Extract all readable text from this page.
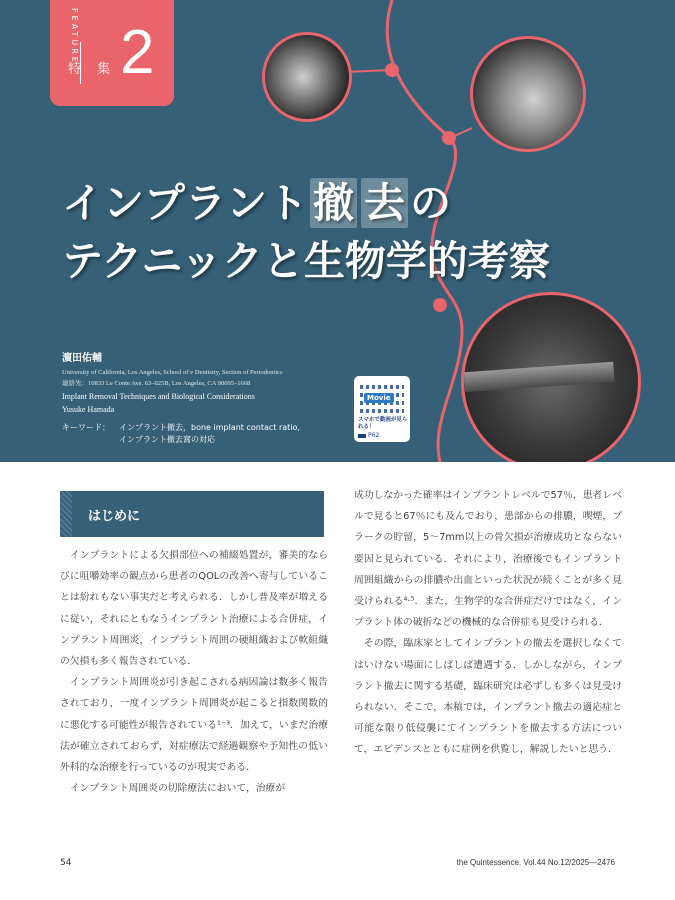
FEATURE
特 集 2
インプラント 撤 去 の
テクニックと生物学的考察
濵田佑輔
University of California, Los Angeles, School of v Dentistry, Section of Periodontics
連絡先：10833 Le Conte Ave. 63–025B, Los Angeles, CA 90095–1668
Implant Removal Techniques and Biological Considerations
Yusuke Hamada
キーワード： インプラント撤去，bone implant contact ratio,
インプラント撤去窩の対応
Movie
スマホで動画が見られる！
P62
はじめに

インプラントによる欠損部位への補綴処置が，審美的ならびに咀嚼効率の観点から患者のQOLの改善へ寄与していることは紛れもない事実だと考えられる．しかし普及率が増えるに従い，それにともなうインプラント治療による合併症，インプラント周囲炎，インプラント周囲の硬組織および軟組織の欠損も多く報告されている．

インプラント周囲炎が引き起こされる病因論は数多く報告されており，一度インプラント周囲炎が起こると指数関数的に悪化する可能性が報告されている¹⁻³．加えて，いまだ治療法が確立されておらず，対症療法で経過観察や予知性の低い外科的な治療を行っているのが現実である．

インプラント周囲炎の切除療法において，治療が

成功しなかった確率はインプラントレベルで57％，患者レベルで見ると67％にも及んでおり，患部からの排膿，喫煙，プラークの貯留，5～7mm以上の骨欠損が治療成功とならない要因と見られている．それにより，治療後でもインプラント周囲組織からの排膿や出血といった状況が続くことが多く見受けられる⁴·⁵．また，生物学的な合併症だけではなく，インプラント体の破折などの機械的な合併症も見受けられる．

その際，臨床家としてインプラントの撤去を選択しなくてはいけない場面にしばしば遭遇する．しかしながら，インプラント撤去に関する基礎，臨床研究は必ずしも多くは見受けられない．そこで，本稿では，インプラント撤去の適応症と可能な限り低侵襲にてインプラントを撤去する方法について，エビデンスとともに症例を供覧し，解説したいと思う．

54	the Quintessence. Vol.44 No.12/2025—2476
